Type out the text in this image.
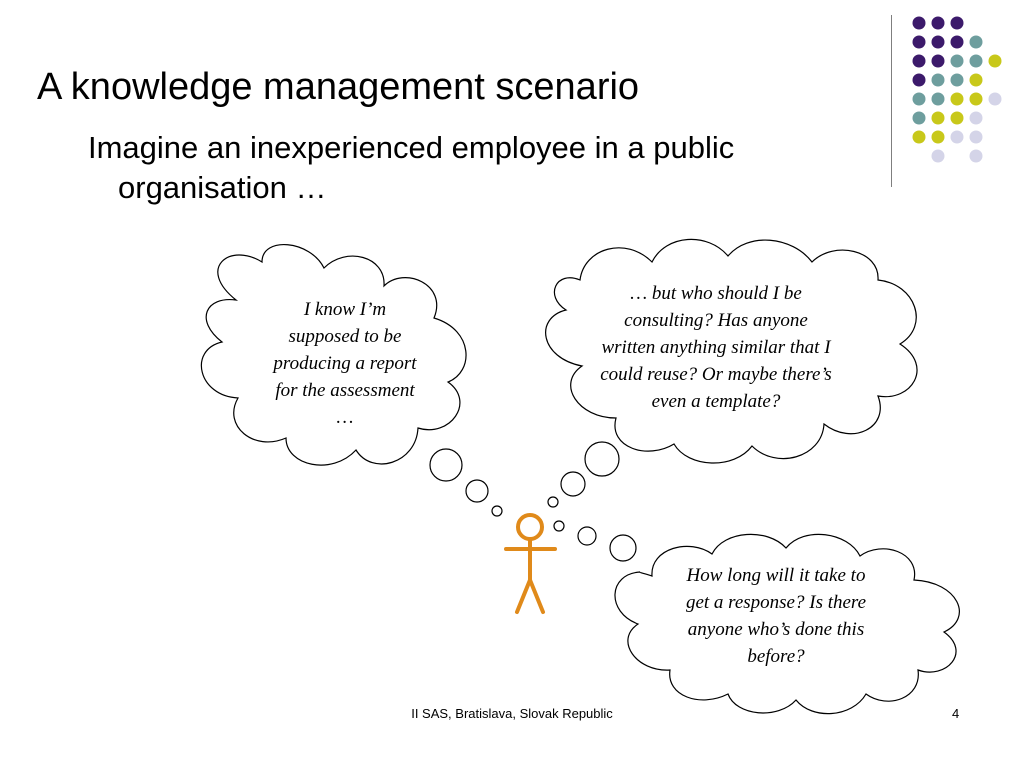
A knowledge management scenario

Imagine an inexperienced employee in a public organisation …

I know I’m supposed to be producing a report for the assessment …
… but who should I be consulting? Has anyone written anything similar that I could reuse? Or maybe there’s even a template?
How long will it take to get a response? Is there anyone who’s done this before?
II SAS, Bratislava, Slovak Republic	4
